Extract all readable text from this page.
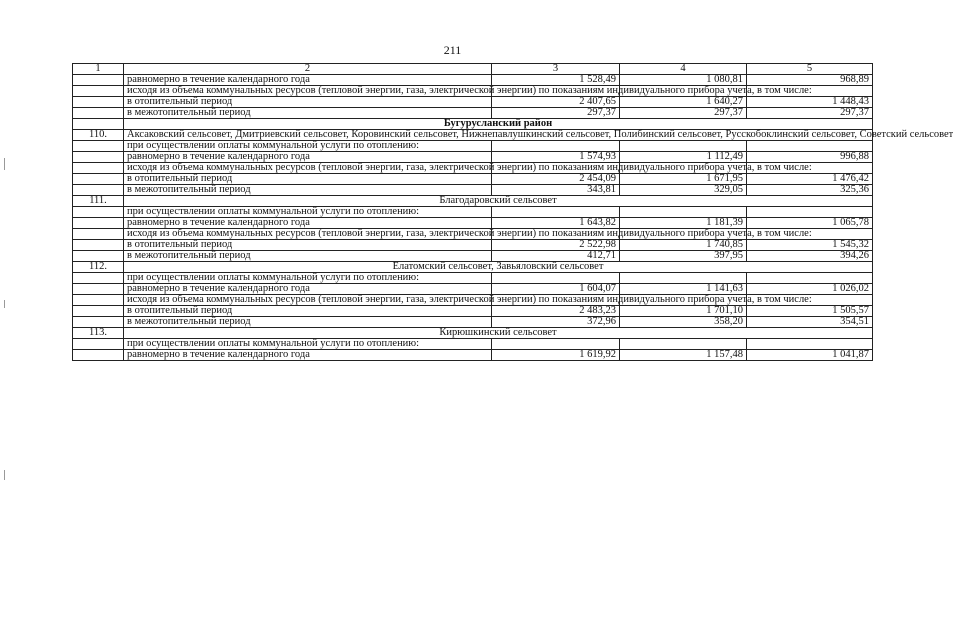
211
1	2	3	4	5
	равномерно в течение календарного года	1 528,49	1 080,81	968,89
	исходя из объема коммунальных ресурсов (тепловой энергии, газа, электрической энергии) по показаниям индивидуального прибора учета, в том числе:			
	в отопительный период	2 407,65	1 640,27	1 448,43
	в межотопительный период	297,37	297,37	297,37
	Бугурусланский район			
110.	Аксаковский сельсовет, Дмитриевский сельсовет, Коровинский сельсовет, Нижнепавлушкинский сельсовет, Полибинский сельсовет, Русскобоклинский сельсовет, Советский сельсовет			
	при осуществлении оплаты коммунальной услуги по отоплению:			
	равномерно в течение календарного года	1 574,93	1 112,49	996,88
	исходя из объема коммунальных ресурсов (тепловой энергии, газа, электрической энергии) по показаниям индивидуального прибора учета, в том числе:			
	в отопительный период	2 454,09	1 671,95	1 476,42
	в межотопительный период	343,81	329,05	325,36
111.	Благодаровский сельсовет			
	при осуществлении оплаты коммунальной услуги по отоплению:			
	равномерно в течение календарного года	1 643,82	1 181,39	1 065,78
	исходя из объема коммунальных ресурсов (тепловой энергии, газа, электрической энергии) по показаниям индивидуального прибора учета, в том числе:			
	в отопительный период	2 522,98	1 740,85	1 545,32
	в межотопительный период	412,71	397,95	394,26
112.	Елатомский сельсовет, Завьяловский сельсовет			
	при осуществлении оплаты коммунальной услуги по отоплению:			
	равномерно в течение календарного года	1 604,07	1 141,63	1 026,02
	исходя из объема коммунальных ресурсов (тепловой энергии, газа, электрической энергии) по показаниям индивидуального прибора учета, в том числе:			
	в отопительный период	2 483,23	1 701,10	1 505,57
	в межотопительный период	372,96	358,20	354,51
113.	Кирюшкинский сельсовет			
	при осуществлении оплаты коммунальной услуги по отоплению:			
	равномерно в течение календарного года	1 619,92	1 157,48	1 041,87
